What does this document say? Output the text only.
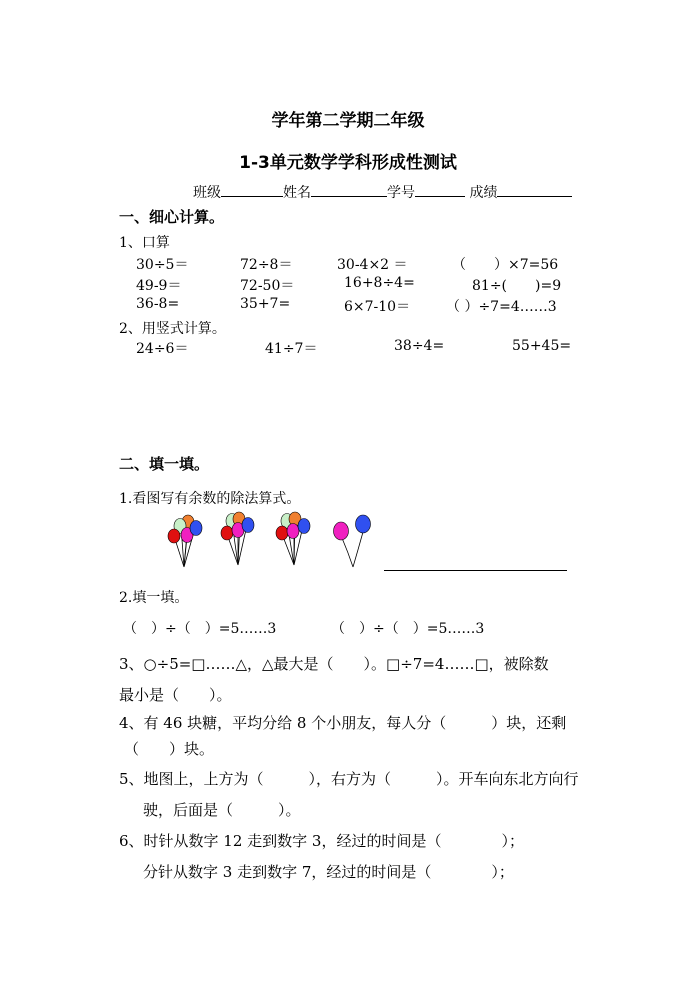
学年第二学期二年级
1-3单元数学学科形成性测试
班级	姓名	学号	成绩
一、细心计算。
1、口算
30÷5＝	72÷8＝	30-4×2 ＝	（　　）×7=56
49-9＝	72-50＝	16+8÷4=	81÷(　　)=9
36-8=	35+7=	6×7-10＝	（ ）÷7=4……3
2、用竖式计算。
24÷6＝	41÷7＝	38÷4=	55+45=
二、填一填。
1.看图写有余数的除法算式。
2.填一填。
（　）÷（　）=5……3	（　）÷（　）=5……3
3、○÷5=□……△，△最大是（　　）。□÷7=4……□，被除数
最小是（　　）。
4、有 46 块糖，平均分给 8 个小朋友，每人分（　　　）块，还剩
（　　）块。
5、地图上，上方为（　　　），右方为（　　　）。开车向东北方向行
驶，后面是（　　　）。
6、时针从数字 12 走到数字 3，经过的时间是（　　　　）；
分针从数字 3 走到数字 7，经过的时间是（　　　　）；
